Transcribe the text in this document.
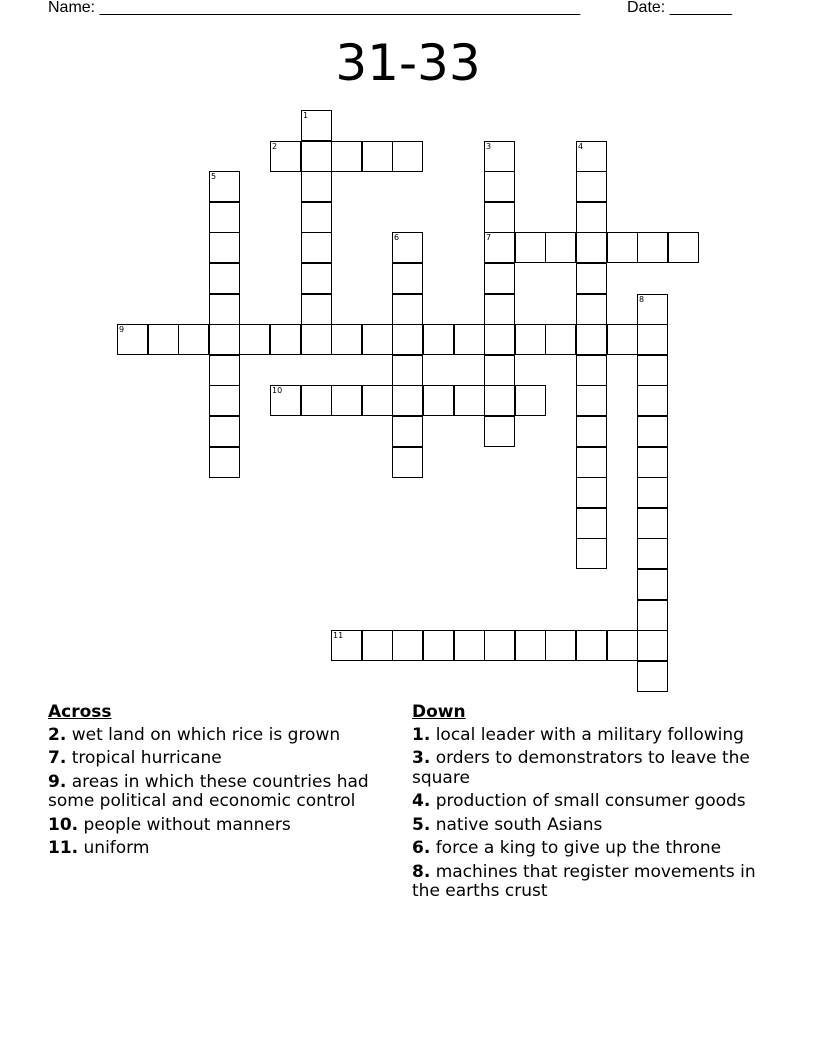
Name: ______________________________________________________	Date: _______
31-33
1
2	3
7
4
5
6
8
9
10
11
Across
2. wet land on which rice is grown
7. tropical hurricane
9. areas in which these countries had some political and economic control
10. people without manners
11. uniform
Down
1. local leader with a military following
3. orders to demonstrators to leave the square
4. production of small consumer goods
5. native south Asians
6. force a king to give up the throne
8. machines that register movements in the earths crust
